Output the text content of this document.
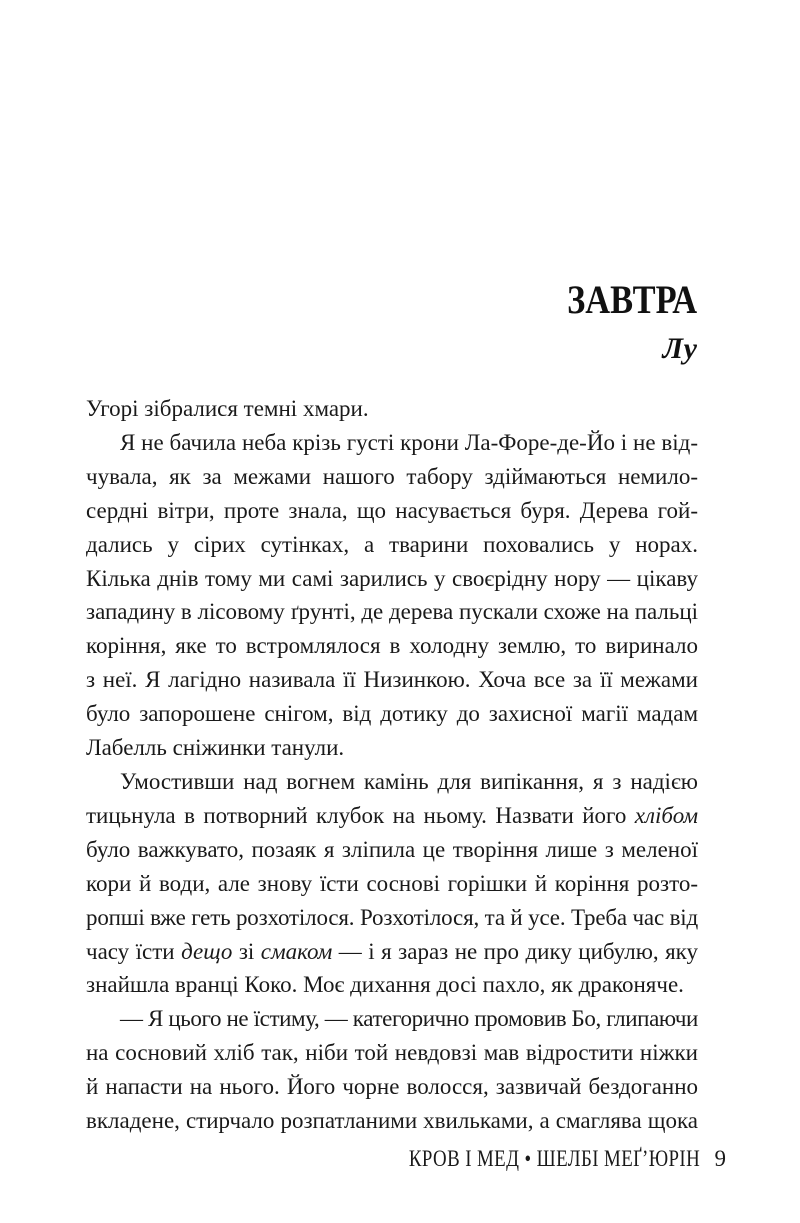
ЗАВТРА
Лу
Угорі зібралися темні хмари.
Я не бачила неба крізь густі крони Ла-Форе-де-Йо і не від-
чувала, як за межами нашого табору здіймаються немило-
сердні вітри, проте знала, що насувається буря. Дерева гой-
дались у сірих сутінках, а тварини поховались у норах.
Кілька днів тому ми самі зарились у своєрідну нору — цікаву
западину в лісовому ґрунті, де дерева пускали схоже на пальці
коріння, яке то встромлялося в холодну землю, то виринало
з неї. Я лагідно називала її Низинкою. Хоча все за її межами
було запорошене снігом, від дотику до захисної магії мадам
Лабелль сніжинки танули.
Умостивши над вогнем камінь для випікання, я з надією
тицьнула в потворний клубок на ньому. Назвати його хлібом
було важкувато, позаяк я зліпила це творіння лише з меленої
кори й води, але знову їсти соснові горішки й коріння розто-
ропші вже геть розхотілося. Розхотілося, та й усе. Треба час від
часу їсти дещо зі смаком — і я зараз не про дику цибулю, яку
знайшла вранці Коко. Моє дихання досі пахло, як драконяче.
— Я цього не їстиму, — категорично промовив Бо, глипаючи
на сосновий хліб так, ніби той невдовзі мав відростити ніжки
й напасти на нього. Його чорне волосся, зазвичай бездоганно
вкладене, стирчало розпатланими хвильками, а смаглява щока
КРОВ І МЕД • ШЕЛБІ МЕҐ’ЮРІН 9
